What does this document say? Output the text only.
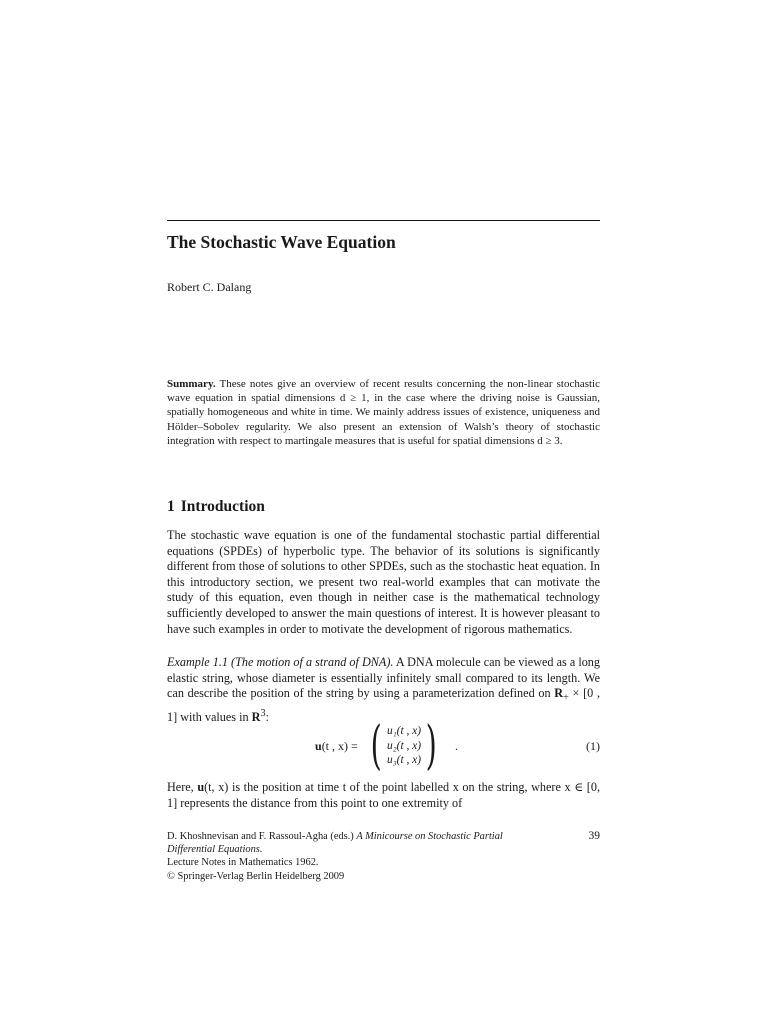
The Stochastic Wave Equation
Robert C. Dalang
Summary. These notes give an overview of recent results concerning the non-linear stochastic wave equation in spatial dimensions d ≥ 1, in the case where the driving noise is Gaussian, spatially homogeneous and white in time. We mainly address issues of existence, uniqueness and Hölder–Sobolev regularity. We also present an extension of Walsh’s theory of stochastic integration with respect to martingale measures that is useful for spatial dimensions d ≥ 3.
1 Introduction

The stochastic wave equation is one of the fundamental stochastic partial differential equations (SPDEs) of hyperbolic type. The behavior of its solutions is significantly different from those of solutions to other SPDEs, such as the stochastic heat equation. In this introductory section, we present two real-world examples that can motivate the study of this equation, even though in neither case is the mathematical technology sufficiently developed to answer the main questions of interest. It is however pleasant to have such examples in order to motivate the development of rigorous mathematics.

Example 1.1 (The motion of a strand of DNA). A DNA molecule can be viewed as a long elastic string, whose diameter is essentially infinitely small compared to its length. We can describe the position of the string by using a parameterization defined on $R_+ \times [0$ , 1] with values in $R^3$:

u(t , x) = ( u₁(t , x)
u₂(t , x)
u₃(t , x) ) .	(1)

Here, u(t, x) is the position at time t of the point labelled x on the string, where x ∈ [0, 1] represents the distance from this point to one extremity of

39
D. Khoshnevisan and F. Rassoul-Agha (eds.) A Minicourse on Stochastic Partial
Differential Equations.
Lecture Notes in Mathematics 1962.
© Springer-Verlag Berlin Heidelberg 2009
